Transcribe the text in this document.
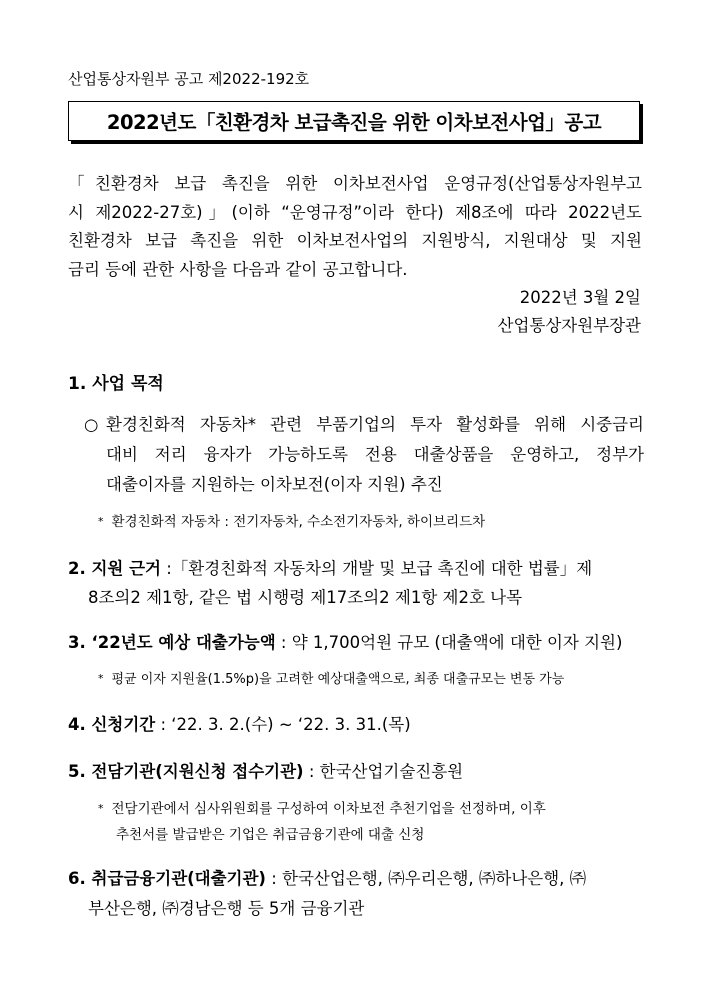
산업통상자원부 공고 제2022-192호
2022년도「친환경차 보급촉진을 위한 이차보전사업」공고
「친환경차 보급 촉진을 위한 이차보전사업 운영규정(산업통상자원부고
시 제2022-27호)」(이하 “운영규정”이라 한다) 제8조에 따라 2022년도
친환경차 보급 촉진을 위한 이차보전사업의 지원방식, 지원대상 및 지원
금리 등에 관한 사항을 다음과 같이 공고합니다.
2022년 3월 2일
산업통상자원부장관
1. 사업 목적
○ 환경친화적 자동차* 관련 부품기업의 투자 활성화를 위해 시중금리
대비 저리 융자가 가능하도록 전용 대출상품을 운영하고, 정부가
대출이자를 지원하는 이차보전(이자 지원) 추진
* 환경친화적 자동차 : 전기자동차, 수소전기자동차, 하이브리드차
2. 지원 근거 :「환경친화적 자동차의 개발 및 보급 촉진에 대한 법률」제
8조의2 제1항, 같은 법 시행령 제17조의2 제1항 제2호 나목
3. ‘22년도 예상 대출가능액 : 약 1,700억원 규모 (대출액에 대한 이자 지원)
* 평균 이자 지원율(1.5%p)을 고려한 예상대출액으로, 최종 대출규모는 변동 가능
4. 신청기간 : ‘22. 3. 2.(수) ~ ‘22. 3. 31.(목)
5. 전담기관(지원신청 접수기관) : 한국산업기술진흥원
* 전담기관에서 심사위원회를 구성하여 이차보전 추천기업을 선정하며, 이후
추천서를 발급받은 기업은 취급금융기관에 대출 신청
6. 취급금융기관(대출기관) : 한국산업은행, ㈜우리은행, ㈜하나은행, ㈜
부산은행, ㈜경남은행 등 5개 금융기관
